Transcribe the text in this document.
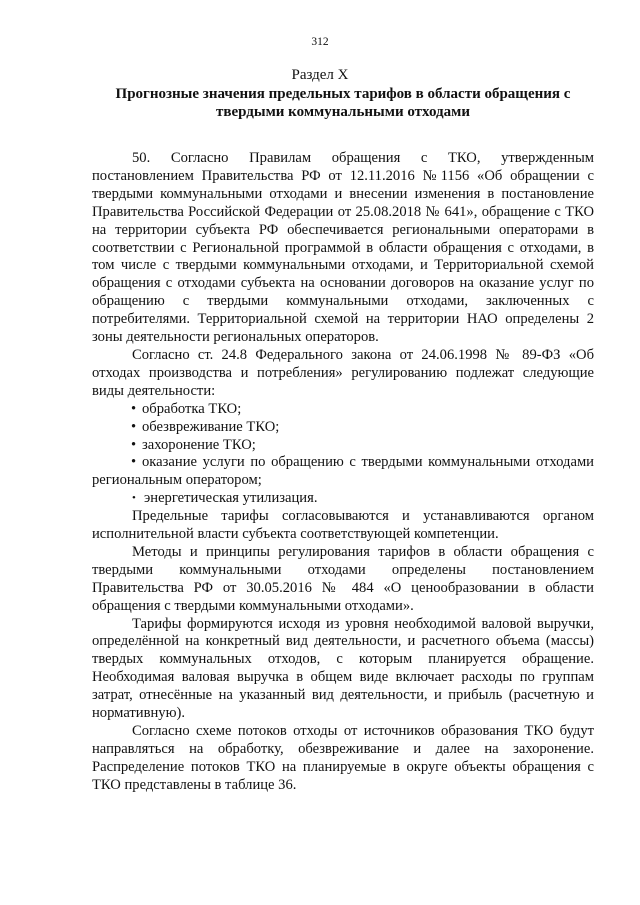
312
Раздел X
Прогнозные значения предельных тарифов в области обращения с твердыми коммунальными отходами

50. Согласно Правилам обращения с ТКО, утвержденным постановлением Правительства РФ от 12.11.2016 №1156 «Об обращении с твердыми коммунальными отходами и внесении изменения в постановление Правительства Российской Федерации от 25.08.2018 № 641», обращение с ТКО на территории субъекта РФ обеспечивается региональными операторами в соответствии с Региональной программой в области обращения с отходами, в том числе с твердыми коммунальными отходами, и Территориальной схемой обращения с отходами субъекта на основании договоров на оказание услуг по обращению с твердыми коммунальными отходами, заключенных с потребителями. Территориальной схемой на территории НАО определены 2 зоны деятельности региональных операторов.

Согласно ст. 24.8 Федерального закона от 24.06.1998 № 89-ФЗ «Об отходах производства и потребления» регулированию подлежат следующие виды деятельности:

• обработка ТКО;
• обезвреживание ТКО;
• захоронение ТКО;
• оказание услуги по обращению с твердыми коммунальными отходами региональным оператором;
• энергетическая утилизация.

Предельные тарифы согласовываются и устанавливаются органом исполнительной власти субъекта соответствующей компетенции.

Методы и принципы регулирования тарифов в области обращения с твердыми коммунальными отходами определены постановлением Правительства РФ от 30.05.2016 № 484 «О ценообразовании в области обращения с твердыми коммунальными отходами».

Тарифы формируются исходя из уровня необходимой валовой выручки, определённой на конкретный вид деятельности, и расчетного объема (массы) твердых коммунальных отходов, с которым планируется обращение. Необходимая валовая выручка в общем виде включает расходы по группам затрат, отнесённые на указанный вид деятельности, и прибыль (расчетную и нормативную).

Согласно схеме потоков отходы от источников образования ТКО будут направляться на обработку, обезвреживание и далее на захоронение. Распределение потоков ТКО на планируемые в округе объекты обращения с ТКО представлены в таблице 36.
